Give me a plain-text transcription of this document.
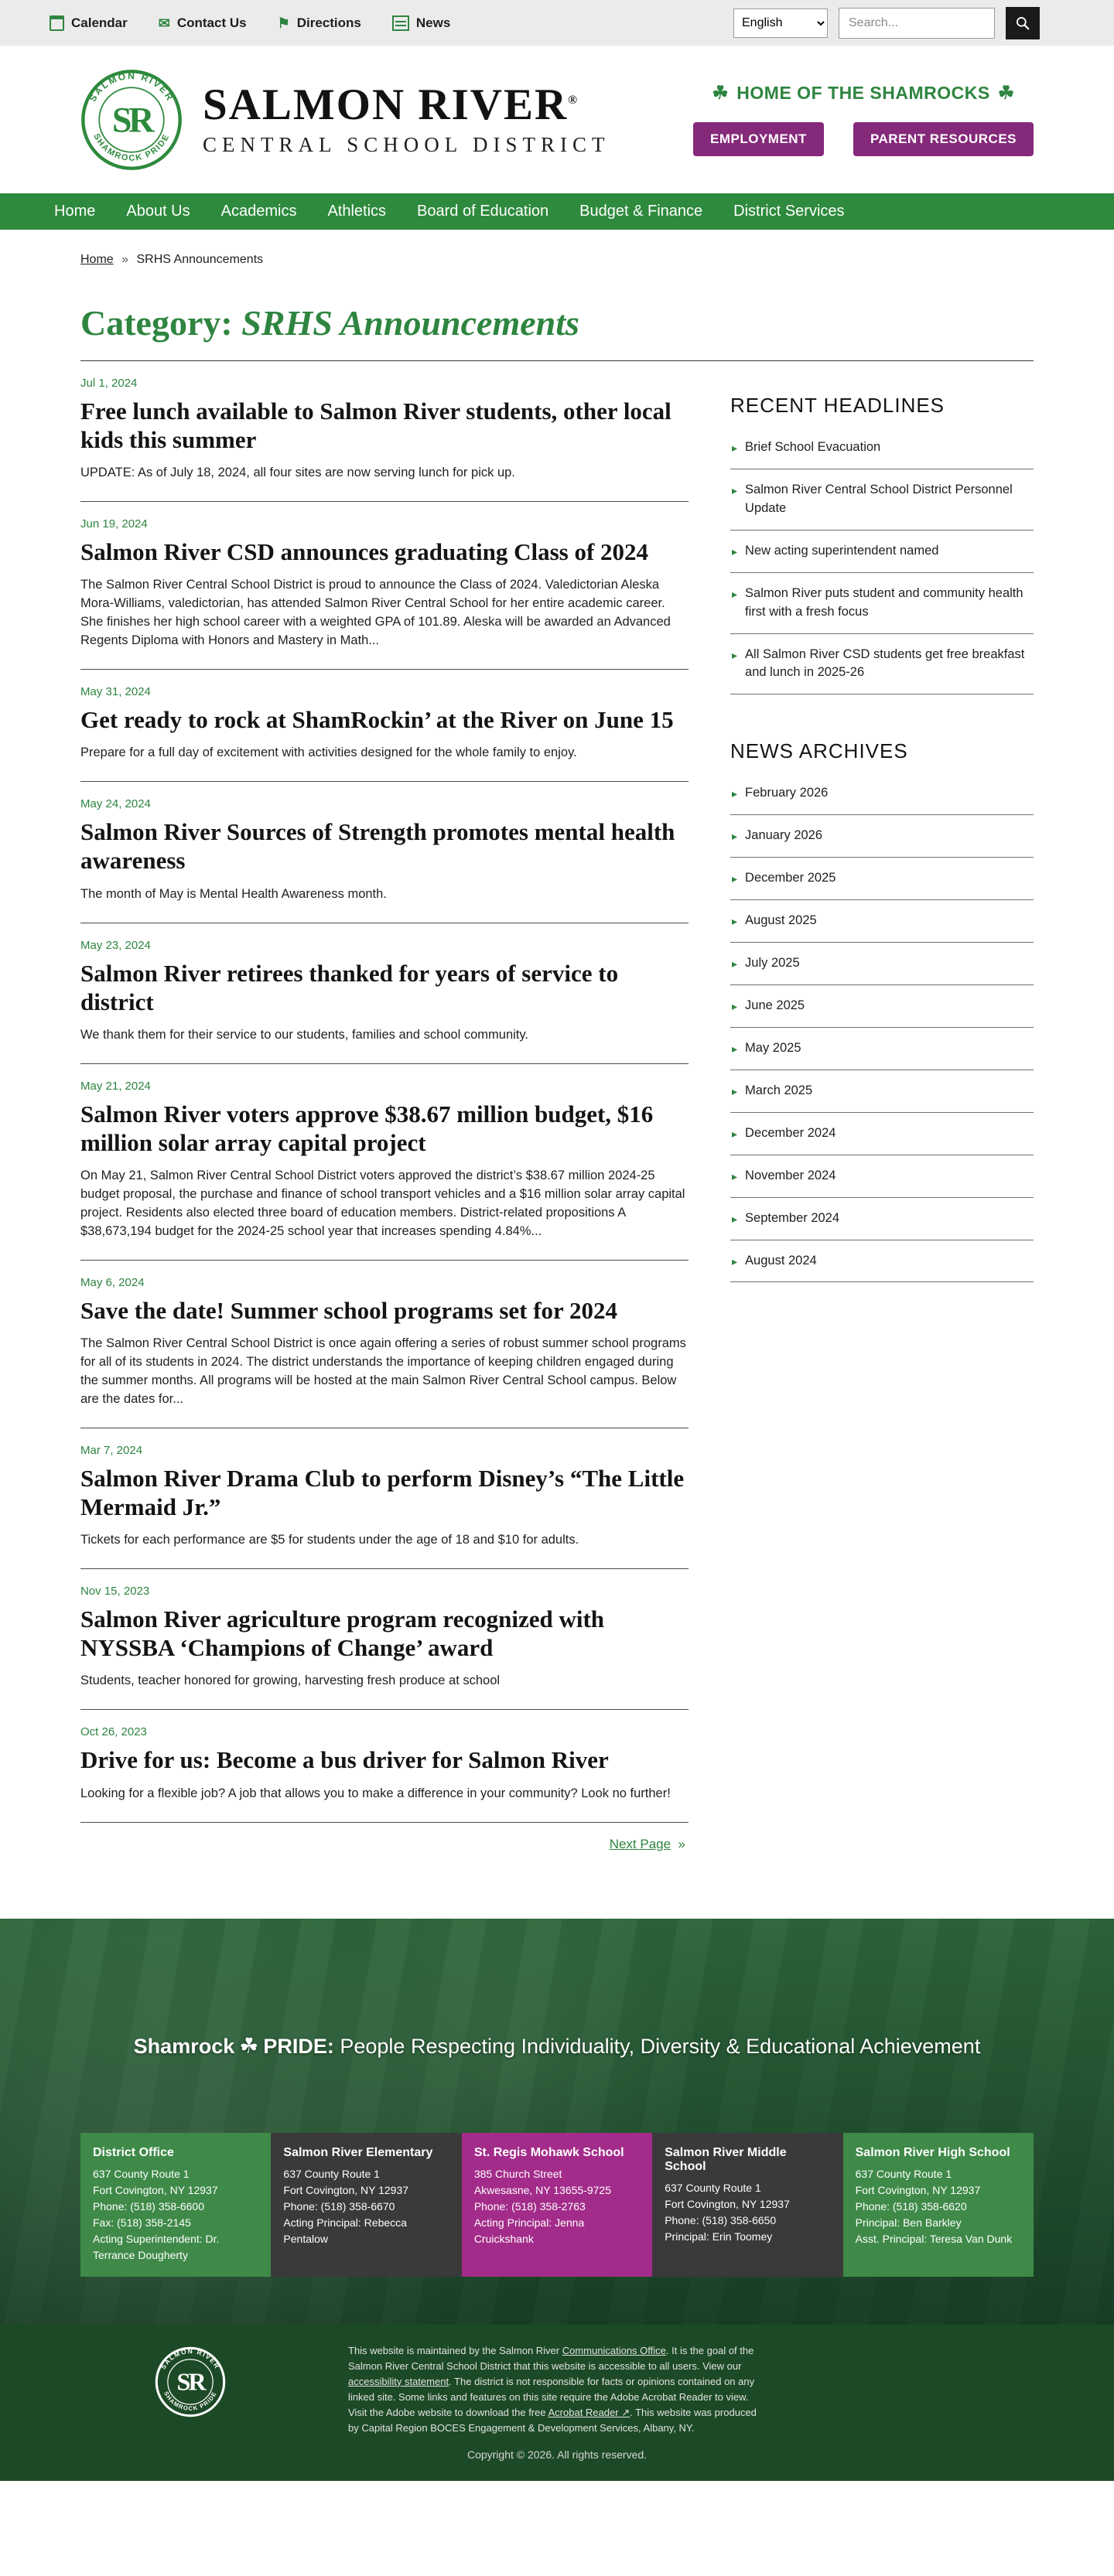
Calendar ✉ Contact Us ⚑ Directions	News
English
Search...
SALMON RIVER
SHAMROCK PRIDE
SR SALMON RIVER®
CENTRAL SCHOOL DISTRICT
☘ HOME OF THE SHAMROCKS ☘
EMPLOYMENT	PARENT RESOURCES
Home About Us Academics Athletics Board of Education Budget & Finance District Services
Home » SRHS Announcements
Category: SRHS Announcements
Jul 1, 2024
Free lunch available to Salmon River students, other local kids this summer
UPDATE: As of July 18, 2024, all four sites are now serving lunch for pick up.
Jun 19, 2024
Salmon River CSD announces graduating Class of 2024
The Salmon River Central School District is proud to announce the Class of 2024. Valedictorian Aleska Mora-Williams, valedictorian, has attended Salmon River Central School for her entire academic career. She finishes her high school career with a weighted GPA of 101.89. Aleska will be awarded an Advanced Regents Diploma with Honors and Mastery in Math...
May 31, 2024
Get ready to rock at ShamRockin’ at the River on June 15
Prepare for a full day of excitement with activities designed for the whole family to enjoy.
May 24, 2024
Salmon River Sources of Strength promotes mental health awareness
The month of May is Mental Health Awareness month.
May 23, 2024
Salmon River retirees thanked for years of service to district
We thank them for their service to our students, families and school community.
May 21, 2024
Salmon River voters approve $38.67 million budget, $16 million solar array capital project
On May 21, Salmon River Central School District voters approved the district’s $38.67 million 2024-25 budget proposal, the purchase and finance of school transport vehicles and a $16 million solar array capital project. Residents also elected three board of education members. District-related propositions A $38,673,194 budget for the 2024-25 school year that increases spending 4.84%...
May 6, 2024
Save the date! Summer school programs set for 2024
The Salmon River Central School District is once again offering a series of robust summer school programs for all of its students in 2024. The district understands the importance of keeping children engaged during the summer months. All programs will be hosted at the main Salmon River Central School campus. Below are the dates for...
Mar 7, 2024
Salmon River Drama Club to perform Disney’s “The Little Mermaid Jr.”
Tickets for each performance are $5 for students under the age of 18 and $10 for adults.
Nov 15, 2023
Salmon River agriculture program recognized with NYSSBA ‘Champions of Change’ award
Students, teacher honored for growing, harvesting fresh produce at school
Oct 26, 2023
Drive for us: Become a bus driver for Salmon River
Looking for a flexible job? A job that allows you to make a difference in your community? Look no further!
Next Page »
RECENT HEADLINES
▸ Brief School Evacuation
▸ Salmon River Central School District Personnel Update
▸ New acting superintendent named
▸ Salmon River puts student and community health first with a fresh focus
▸ All Salmon River CSD students get free breakfast and lunch in 2025-26
NEWS ARCHIVES
▸ February 2026
▸ January 2026
▸ December 2025
▸ August 2025
▸ July 2025
▸ June 2025
▸ May 2025
▸ March 2025
▸ December 2024
▸ November 2024
▸ September 2024
▸ August 2024
Shamrock ☘ PRIDE: People Respecting Individuality, Diversity & Educational Achievement
District Office
637 County Route 1
Fort Covington, NY 12937
Phone: (518) 358-6600
Fax: (518) 358-2145
Acting Superintendent: Dr. Terrance Dougherty
Salmon River Elementary
637 County Route 1
Fort Covington, NY 12937
Phone: (518) 358-6670
Acting Principal: Rebecca Pentalow
St. Regis Mohawk School
385 Church Street
Akwesasne, NY 13655-9725
Phone: (518) 358-2763
Acting Principal: Jenna Cruickshank
Salmon River Middle School
637 County Route 1
Fort Covington, NY 12937
Phone: (518) 358-6650
Principal: Erin Toomey
Salmon River High School
637 County Route 1
Fort Covington, NY 12937
Phone: (518) 358-6620
Principal: Ben Barkley
Asst. Principal: Teresa Van Dunk
SALMON RIVER
SHAMROCK PRIDE
SR
This website is maintained by the Salmon River Communications Office. It is the goal of the Salmon River Central School District that this website is accessible to all users. View our accessibility statement. The district is not responsible for facts or opinions contained on any linked site. Some links and features on this site require the Adobe Acrobat Reader to view. Visit the Adobe website to download the free Acrobat Reader ↗. This website was produced by Capital Region BOCES Engagement & Development Services, Albany, NY.
Copyright © 2026. All rights reserved.
